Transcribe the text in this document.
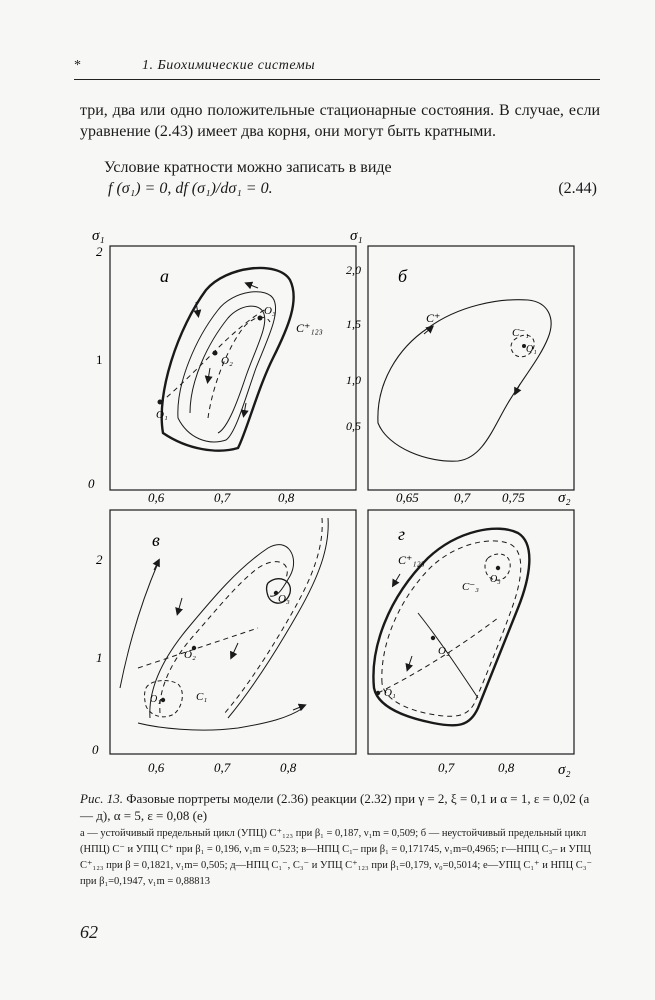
*	1. Биохимические системы
три, два или одно положительные стационарные состояния. В случае, если уравнение (2.43) имеет два корня, они могут быть кратными.
Условие кратности можно записать в виде
f (σ₁) = 0, df (σ₁)/dσ₁ = 0.	(2.44)
σ₁	σ₁
σ₂
σ₂
а
0
1
2
0,6	0,7	0,8
C⁺₁₂₃
O₃
O₂
O₁
б
0,5
1,0
1,5
2,0
0,65	0,7 0,75
C⁺
C⁻₁
O₁
в
0
1
2
0,6	0,7	0,8
O₃
O₂
C₁
O₁
г
0,7	0,8
C⁺₁₂₃
C⁻₃
O₃
O₂
O₁
Рис. 13. Фазовые портреты модели (2.36) реакции (2.32) при γ = 2, ξ = 0,1 и α = 1, ε = 0,02 (а — д), α = 5, ε = 0,08 (е)
а — устойчивый предельный цикл (УПЦ) C⁺₁₂₃ при β₁ = 0,187, ν₁m = 0,509; б — неустойчивый предельный цикл (НПЦ) C⁻ и УПЦ C⁺ при β₁ = 0,196, ν₁m = 0,523; в—НПЦ C₁– при β₁ = 0,171745, ν₁m=0,4965; г—НПЦ C₃– и УПЦ C⁺₁₂₃ при β = 0,1821, ν₁m= 0,505; д—НПЦ C₁⁻, C₃⁻ и УПЦ C⁺₁₂₃ при β₁=0,179, ν₀=0,5014; е—УПЦ C₁⁺ и НПЦ C₃⁻ при β₁=0,1947, ν₁m = 0,88813
62
